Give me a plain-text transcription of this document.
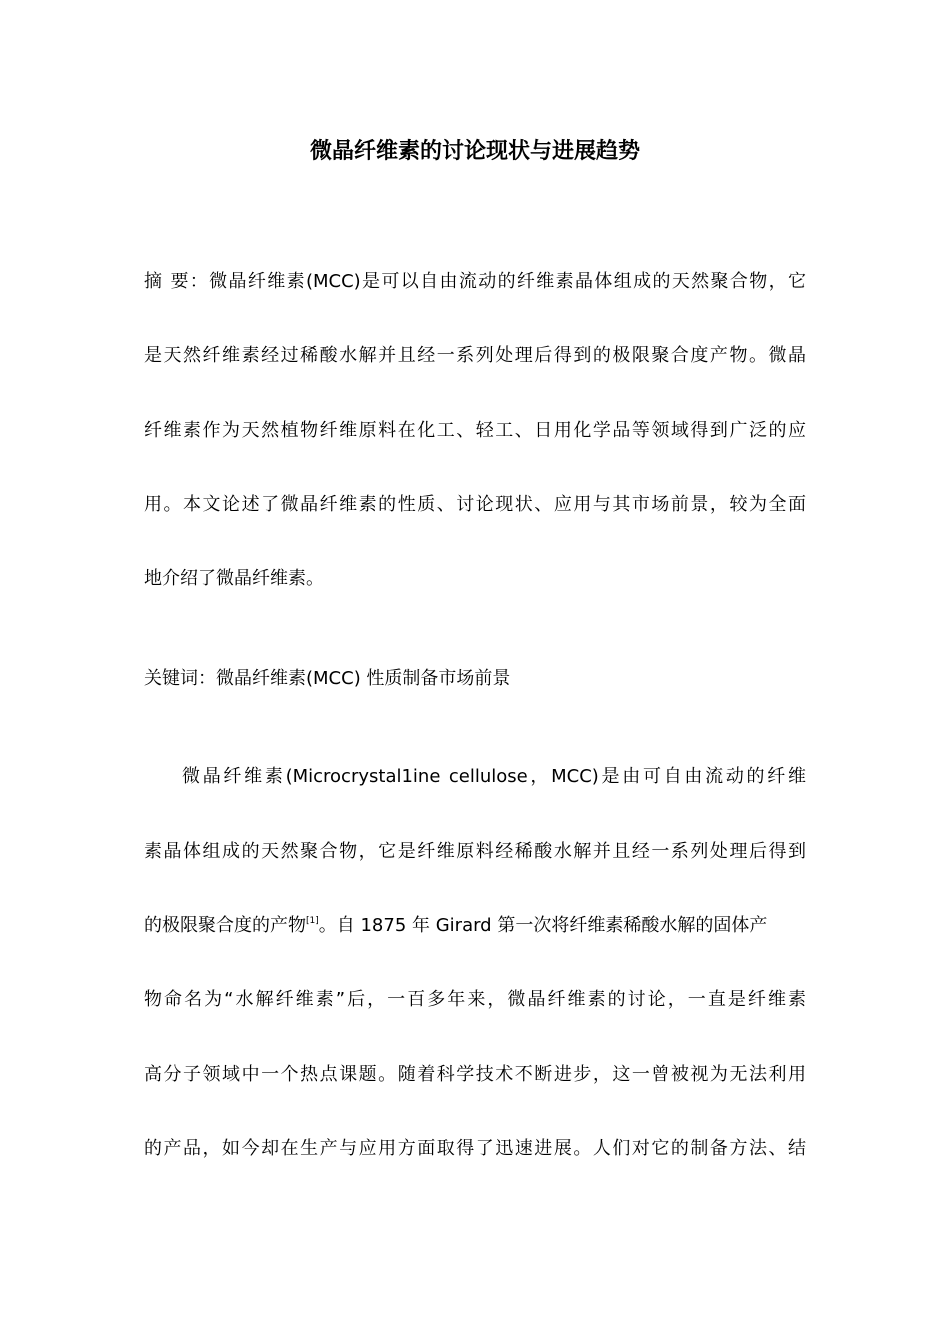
微晶纤维素的讨论现状与进展趋势
摘 要：微晶纤维素(MCC)是可以自由流动的纤维素晶体组成的天然聚合物，它
是天然纤维素经过稀酸水解并且经一系列处理后得到的极限聚合度产物。微晶
纤维素作为天然植物纤维原料在化工、轻工、日用化学品等领域得到广泛的应
用。本文论述了微晶纤维素的性质、讨论现状、应用与其市场前景，较为全面
地介绍了微晶纤维素。
关键词：微晶纤维素(MCC) 性质制备市场前景
微晶纤维素(Microcrystal1ine cellulose，MCC)是由可自由流动的纤维
素晶体组成的天然聚合物，它是纤维原料经稀酸水解并且经一系列处理后得到
的极限聚合度的产物[1]。自 1875 年 Girard 第一次将纤维素稀酸水解的固体产
物命名为“水解纤维素”后，一百多年来，微晶纤维素的讨论，一直是纤维素
高分子领域中一个热点课题。随着科学技术不断进步，这一曾被视为无法利用
的产品，如今却在生产与应用方面取得了迅速进展。人们对它的制备方法、结
